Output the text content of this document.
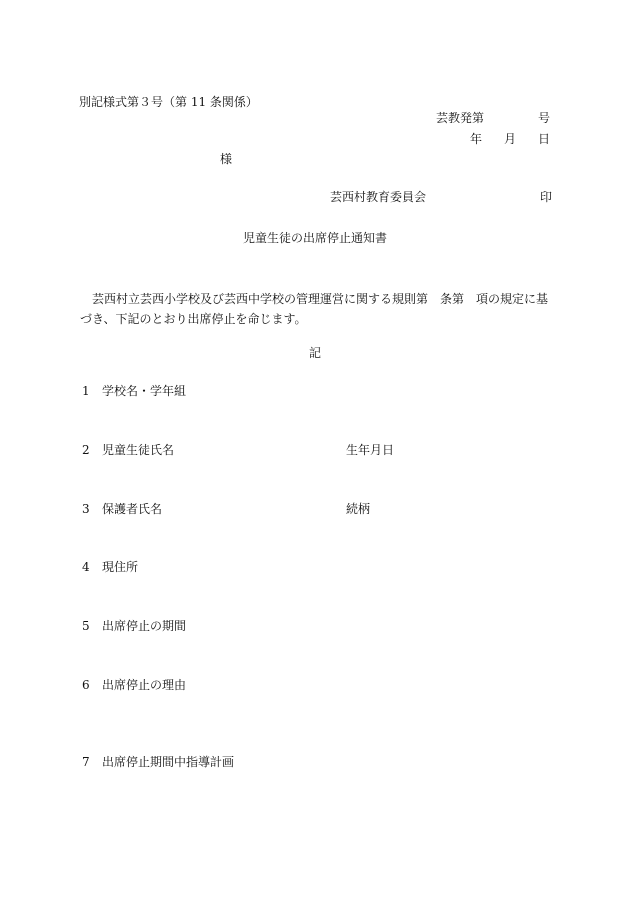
別記様式第３号（第 11 条関係）
芸教発第	号
年 月 日
様
芸西村教育委員会	印
児童生徒の出席停止通知書
芸西村立芸西小学校及び芸西中学校の管理運営に関する規則第　条第　項の規定に基づき、下記のとおり出席停止を命じます。
記
1 学校名・学年組
2 児童生徒氏名	生年月日
3 保護者氏名	続柄
4 現住所
5 出席停止の期間
6 出席停止の理由
7 出席停止期間中指導計画
